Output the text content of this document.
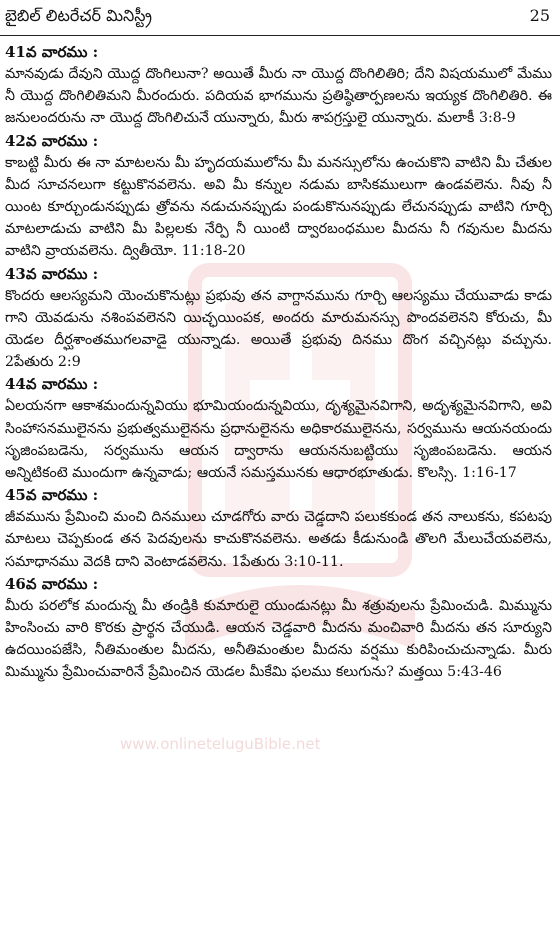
www.onlineteluguBible.net
బైబిల్ లిటరేచర్ మినిస్ట్రీ	25
41వ వారము :

మానవుడు దేవుని యొద్ద దొంగిలునా? అయితే మీరు నా యొద్ద దొంగిలితిరి; దేని విషయములో మేము నీ యొద్ద దొంగిలితిమని మీరందురు. పదియవ భాగమును ప్రతిష్ఠితార్పణలను ఇయ్యక దొంగిలితిరి. ఈ జనులందరును నా యొద్ద దొంగిలిచునే యున్నారు, మీరు శాపగ్రస్తులై యున్నారు. మలాకీ 3:8-9

42వ వారము :

కాబట్టి మీరు ఈ నా మాటలను మీ హృదయములోను మీ మనస్సులోను ఉంచుకొని వాటిని మీ చేతుల మీద సూచనలుగా కట్టుకొనవలెను. అవి మీ కన్నుల నడుమ బాసికములుగా ఉండవలెను. నీవు నీ యింట కూర్చుండునప్పుడు త్రోవను నడుచునప్పుడు పండుకొనునప్పుడు లేచునప్పుడు వాటిని గూర్చి మాటలాడుచు వాటిని మీ పిల్లలకు నేర్పి నీ యింటి ద్వారబంధముల మీదను నీ గవునుల మీదను వాటిని వ్రాయవలెను. ద్వితీయో. 11:18-20

43వ వారము :

కొందరు ఆలస్యమని యెంచుకొనుట్లు ప్రభువు తన వాగ్దానమును గూర్చి ఆలస్యము చేయువాడు కాడు గాని యెవడును నశింపవలెనని యిచ్ఛయింపక, అందరు మారుమనస్సు పొందవలెనని కోరుచు, మీ యెడల దీర్ఘశాంతముగలవాడై యున్నాడు. అయితే ప్రభువు దినము దొంగ వచ్చినట్లు వచ్చును. 2పేతురు 2:9

44వ వారము :

ఏలయనగా ఆకాశమందున్నవియు భూమియందున్నవియు, దృశ్యమైనవిగాని, అదృశ్యమైనవిగాని, అవి సింహాసనములైనను ప్రభుత్వములైనను ప్రధానులైనను అధికారములైనను, సర్వమును ఆయనయందు సృజింపబడెను, సర్వమును ఆయన ద్వారాను ఆయననుబట్టియు సృజింపబడెను. ఆయన అన్నిటికంటె ముందుగా ఉన్నవాడు; ఆయనే సమస్తమునకు ఆధారభూతుడు. కొలస్సి. 1:16-17

45వ వారము :

జీవమును ప్రేమించి మంచి దినములు చూడగోరు వారు చెడ్డదాని పలుకకుండ తన నాలుకను, కపటపు మాటలు చెప్పకుండ తన పెదవులను కాచుకొనవలెను. అతడు కీడునుండి తొలగి మేలుచేయవలెను, సమాధానము వెదకి దాని వెంటాడవలెను. 1పేతురు 3:10-11.

46వ వారము :

మీరు పరలోక మందున్న మీ తండ్రికి కుమారులై యుండునట్లు మీ శత్రువులను ప్రేమించుడి. మిమ్మును హింసించు వారి కొరకు ప్రార్థన చేయుడి. ఆయన చెడ్డవారి మీదను మంచివారి మీదను తన సూర్యుని ఉదయింపజేసి, నీతిమంతుల మీదను, అనీతిమంతుల మీదను వర్షము కురిపించుచున్నాడు. మీరు మిమ్మును ప్రేమించువారినే ప్రేమించిన యెడల మీకేమి ఫలము కలుగును? మత్తయి 5:43-46
